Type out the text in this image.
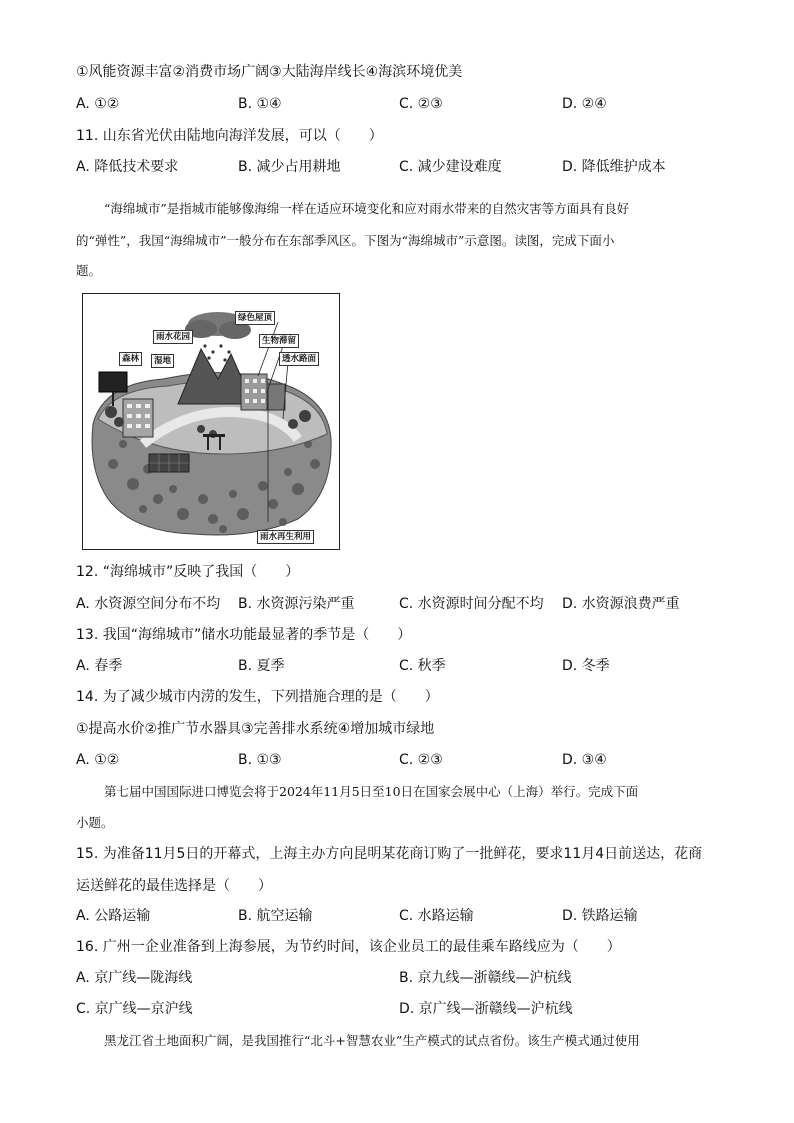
①风能资源丰富②消费市场广阔③大陆海岸线长④海滨环境优美
A. ①②	B. ①④	C. ②③	D. ②④
11. 山东省光伏由陆地向海洋发展，可以（　　）
A. 降低技术要求	B. 减少占用耕地	C. 减少建设难度	D. 降低维护成本
“海绵城市”是指城市能够像海绵一样在适应环境变化和应对雨水带来的自然灾害等方面具有良好
的“弹性”，我国“海绵城市”一般分布在东部季风区。下图为“海绵城市”示意图。读图，完成下面小
题。
绿色屋顶
雨水花园	生物滞留
森林	湿地	透水路面
雨水再生利用
12. “海绵城市”反映了我国（　　）
A. 水资源空间分布不均 B. 水资源污染严重	C. 水资源时间分配不均 D. 水资源浪费严重
13. 我国“海绵城市”储水功能最显著的季节是（　　）
A. 春季	B. 夏季	C. 秋季	D. 冬季
14. 为了减少城市内涝的发生，下列措施合理的是（　　）
①提高水价②推广节水器具③完善排水系统④增加城市绿地
A. ①②	B. ①③	C. ②③	D. ③④
第七届中国国际进口博览会将于2024年11月5日至10日在国家会展中心（上海）举行。完成下面
小题。
15. 为准备11月5日的开幕式，上海主办方向昆明某花商订购了一批鲜花，要求11月4日前送达，花商
运送鲜花的最佳选择是（　　）
A. 公路运输	B. 航空运输	C. 水路运输	D. 铁路运输
16. 广州一企业准备到上海参展，为节约时间，该企业员工的最佳乘车路线应为（　　）
A. 京广线—陇海线	B. 京九线—浙赣线—沪杭线
C. 京广线—京沪线	D. 京广线—浙赣线—沪杭线
黑龙江省土地面积广阔，是我国推行“北斗+智慧农业”生产模式的试点省份。该生产模式通过使用
